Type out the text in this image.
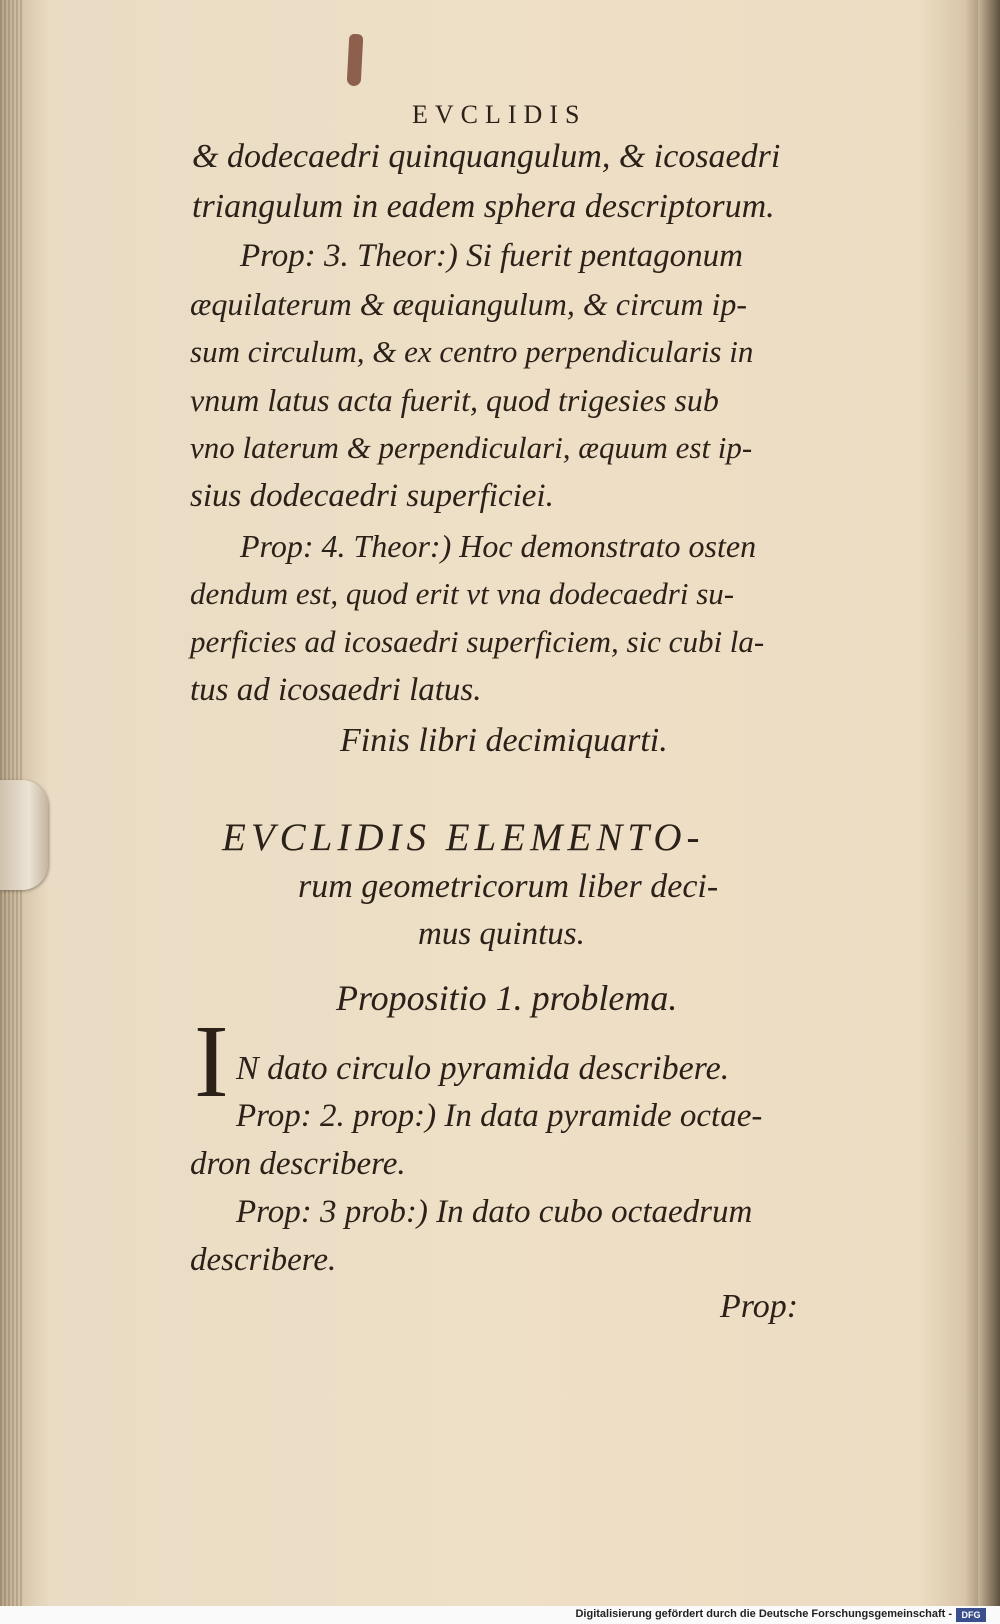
EVCLIDIS

& dodecaedri quinquangulum, & icosaedri

triangulum in eadem sphera descriptorum.

Prop: 3. Theor:) Si fuerit pentagonum

æquilaterum & æquiangulum, & circum ip-

sum circulum, & ex centro perpendicularis in

vnum latus acta fuerit, quod trigesies sub

vno laterum & perpendiculari, æquum est ip-

sius dodecaedri superficiei.

Prop: 4. Theor:) Hoc demonstrato osten

dendum est, quod erit vt vna dodecaedri su-

perficies ad icosaedri superficiem, sic cubi la-

tus ad icosaedri latus.

Finis libri decimiquarti.

EVCLIDIS ELEMENTO-

rum geometricorum liber deci-

mus quintus.

Propositio 1. problema.

I N dato circulo pyramida describere.

Prop: 2. prop:) In data pyramide octae-

dron describere.

Prop: 3 prob:) In dato cubo octaedrum

describere.

Prop:

Digitalisierung gefördert durch die Deutsche Forschungsgemeinschaft -	DFG
